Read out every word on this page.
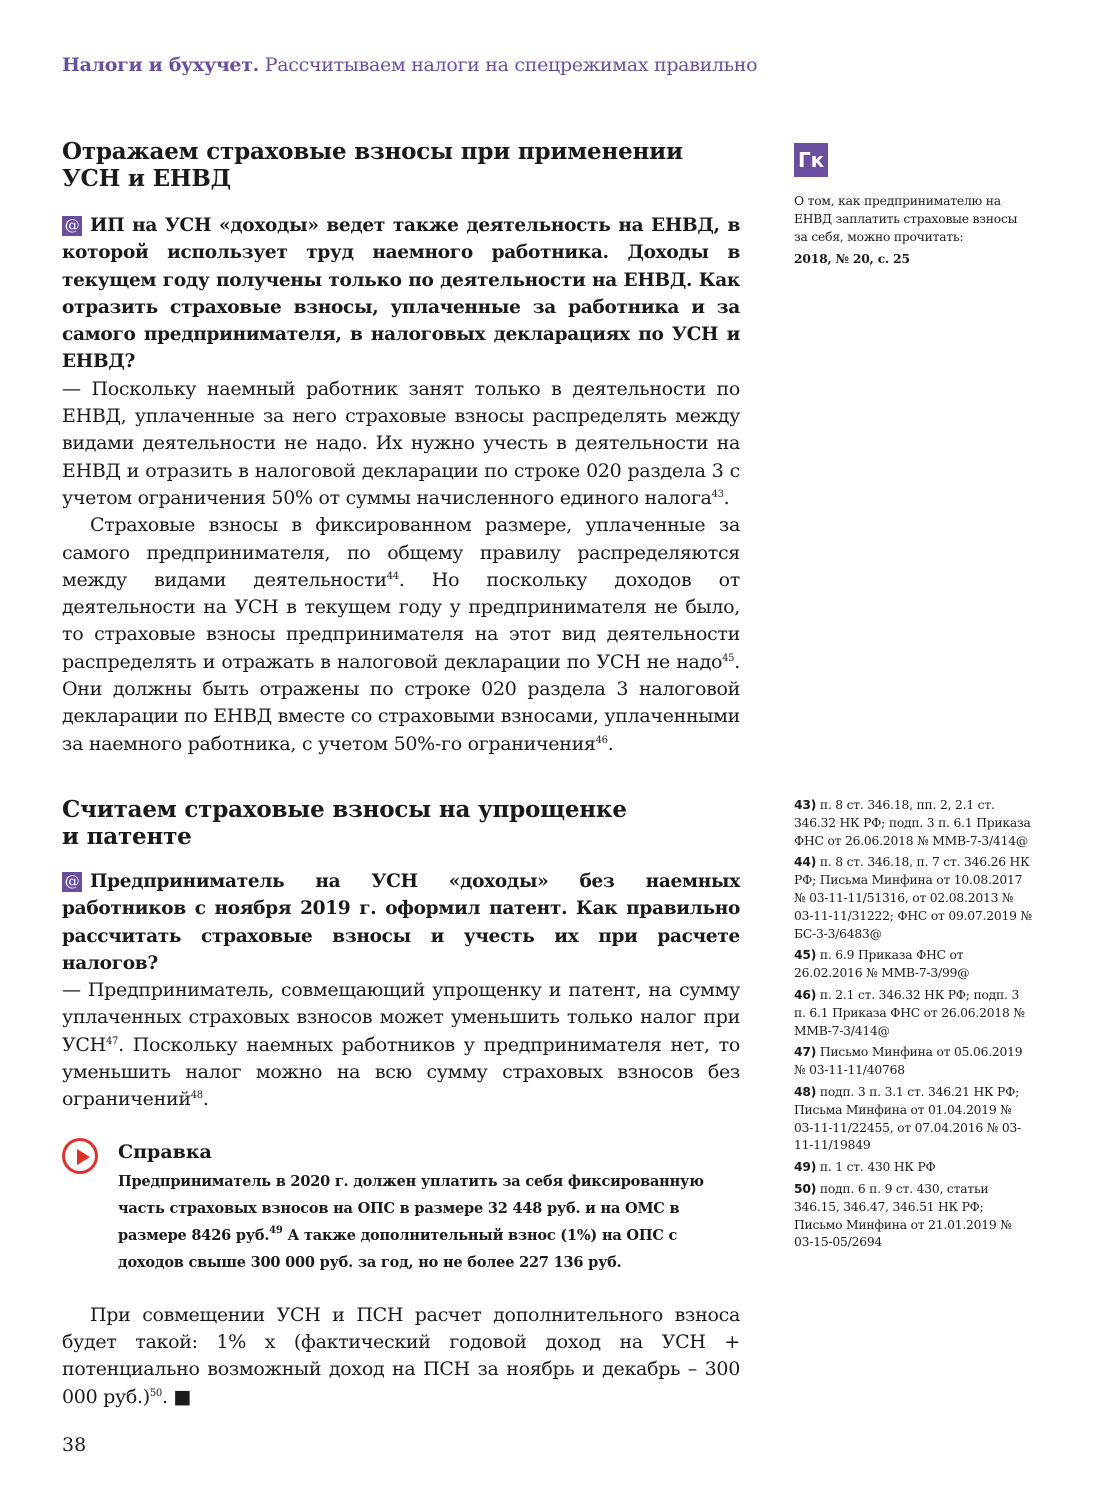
Налоги и бухучет. Рассчитываем налоги на спецрежимах правильно
Отражаем страховые взносы при применении
УСН и ЕНВД

@ ИП на УСН «доходы» ведет также деятельность на ЕНВД, в которой использует труд наемного работника. Доходы в текущем году получены только по деятельности на ЕНВД. Как отразить страховые взносы, уплаченные за работника и за самого предпринимателя, в налоговых декларациях по УСН и ЕНВД?

— Поскольку наемный работник занят только в деятельности по ЕНВД, уплаченные за него страховые взносы распределять между видами деятельности не надо. Их нужно учесть в деятельности на ЕНВД и отразить в налоговой декларации по строке 020 раздела 3 с учетом ограничения 50% от суммы начисленного единого налога$^{43}$.

Страховые взносы в фиксированном размере, уплаченные за самого предпринимателя, по общему правилу распределяются между видами деятельности$^{44}$. Но поскольку доходов от деятельности на УСН в текущем году у предпринимателя не было, то страховые взносы предпринимателя на этот вид деятельности распределять и отражать в налоговой декларации по УСН не надо$^{45}$. Они должны быть отражены по строке 020 раздела 3 налоговой декларации по ЕНВД вместе со страховыми взносами, уплаченными за наемного работника, с учетом 50%-го ограничения$^{46}$.

Считаем страховые взносы на упрощенке
и патенте

@ Предприниматель на УСН «доходы» без наемных работников с ноября 2019 г. оформил патент. Как правильно рассчитать страховые взносы и учесть их при расчете налогов?

— Предприниматель, совмещающий упрощенку и патент, на сумму уплаченных страховых взносов может уменьшить только налог при УСН$^{47}$. Поскольку наемных работников у предпринимателя нет, то уменьшить налог можно на всю сумму страховых взносов без ограничений$^{48}$.

Справка
Предприниматель в 2020 г. должен уплатить за себя фиксированную часть страховых взносов на ОПС в размере 32 448 руб. и на ОМС в размере 8426 руб.$^{49}$ А также дополнительный взнос (1%) на ОПС с доходов свыше 300 000 руб. за год, но не более 227 136 руб.

При совмещении УСН и ПСН расчет дополнительного взноса будет такой: 1% х (фактический годовой доход на УСН + потенциально возможный доход на ПСН за ноябрь и декабрь – 300 000 руб.)$^{50}$. ■

Гк
О том, как предпринимателю на ЕНВД заплатить страховые взносы за себя, можно прочитать:
2018, № 20, с. 25
43) п. 8 ст. 346.18, пп. 2, 2.1 ст. 346.32 НК РФ; подп. 3 п. 6.1 Приказа ФНС от 26.06.2018 № ММВ-7-3/414@
44) п. 8 ст. 346.18, п. 7 ст. 346.26 НК РФ; Письма Минфина от 10.08.2017 № 03-11-11/51316, от 02.08.2013 № 03-11-11/31222; ФНС от 09.07.2019 № БС-3-3/6483@
45) п. 6.9 Приказа ФНС от 26.02.2016 № ММВ-7-3/99@
46) п. 2.1 ст. 346.32 НК РФ; подп. 3 п. 6.1 Приказа ФНС от 26.06.2018 № ММВ-7-3/414@
47) Письмо Минфина от 05.06.2019 № 03-11-11/40768
48) подп. 3 п. 3.1 ст. 346.21 НК РФ; Письма Минфина от 01.04.2019 № 03-11-11/22455, от 07.04.2016 № 03-11-11/19849
49) п. 1 ст. 430 НК РФ
50) подп. 6 п. 9 ст. 430, статьи 346.15, 346.47, 346.51 НК РФ; Письмо Минфина от 21.01.2019 № 03-15-05/2694
38
